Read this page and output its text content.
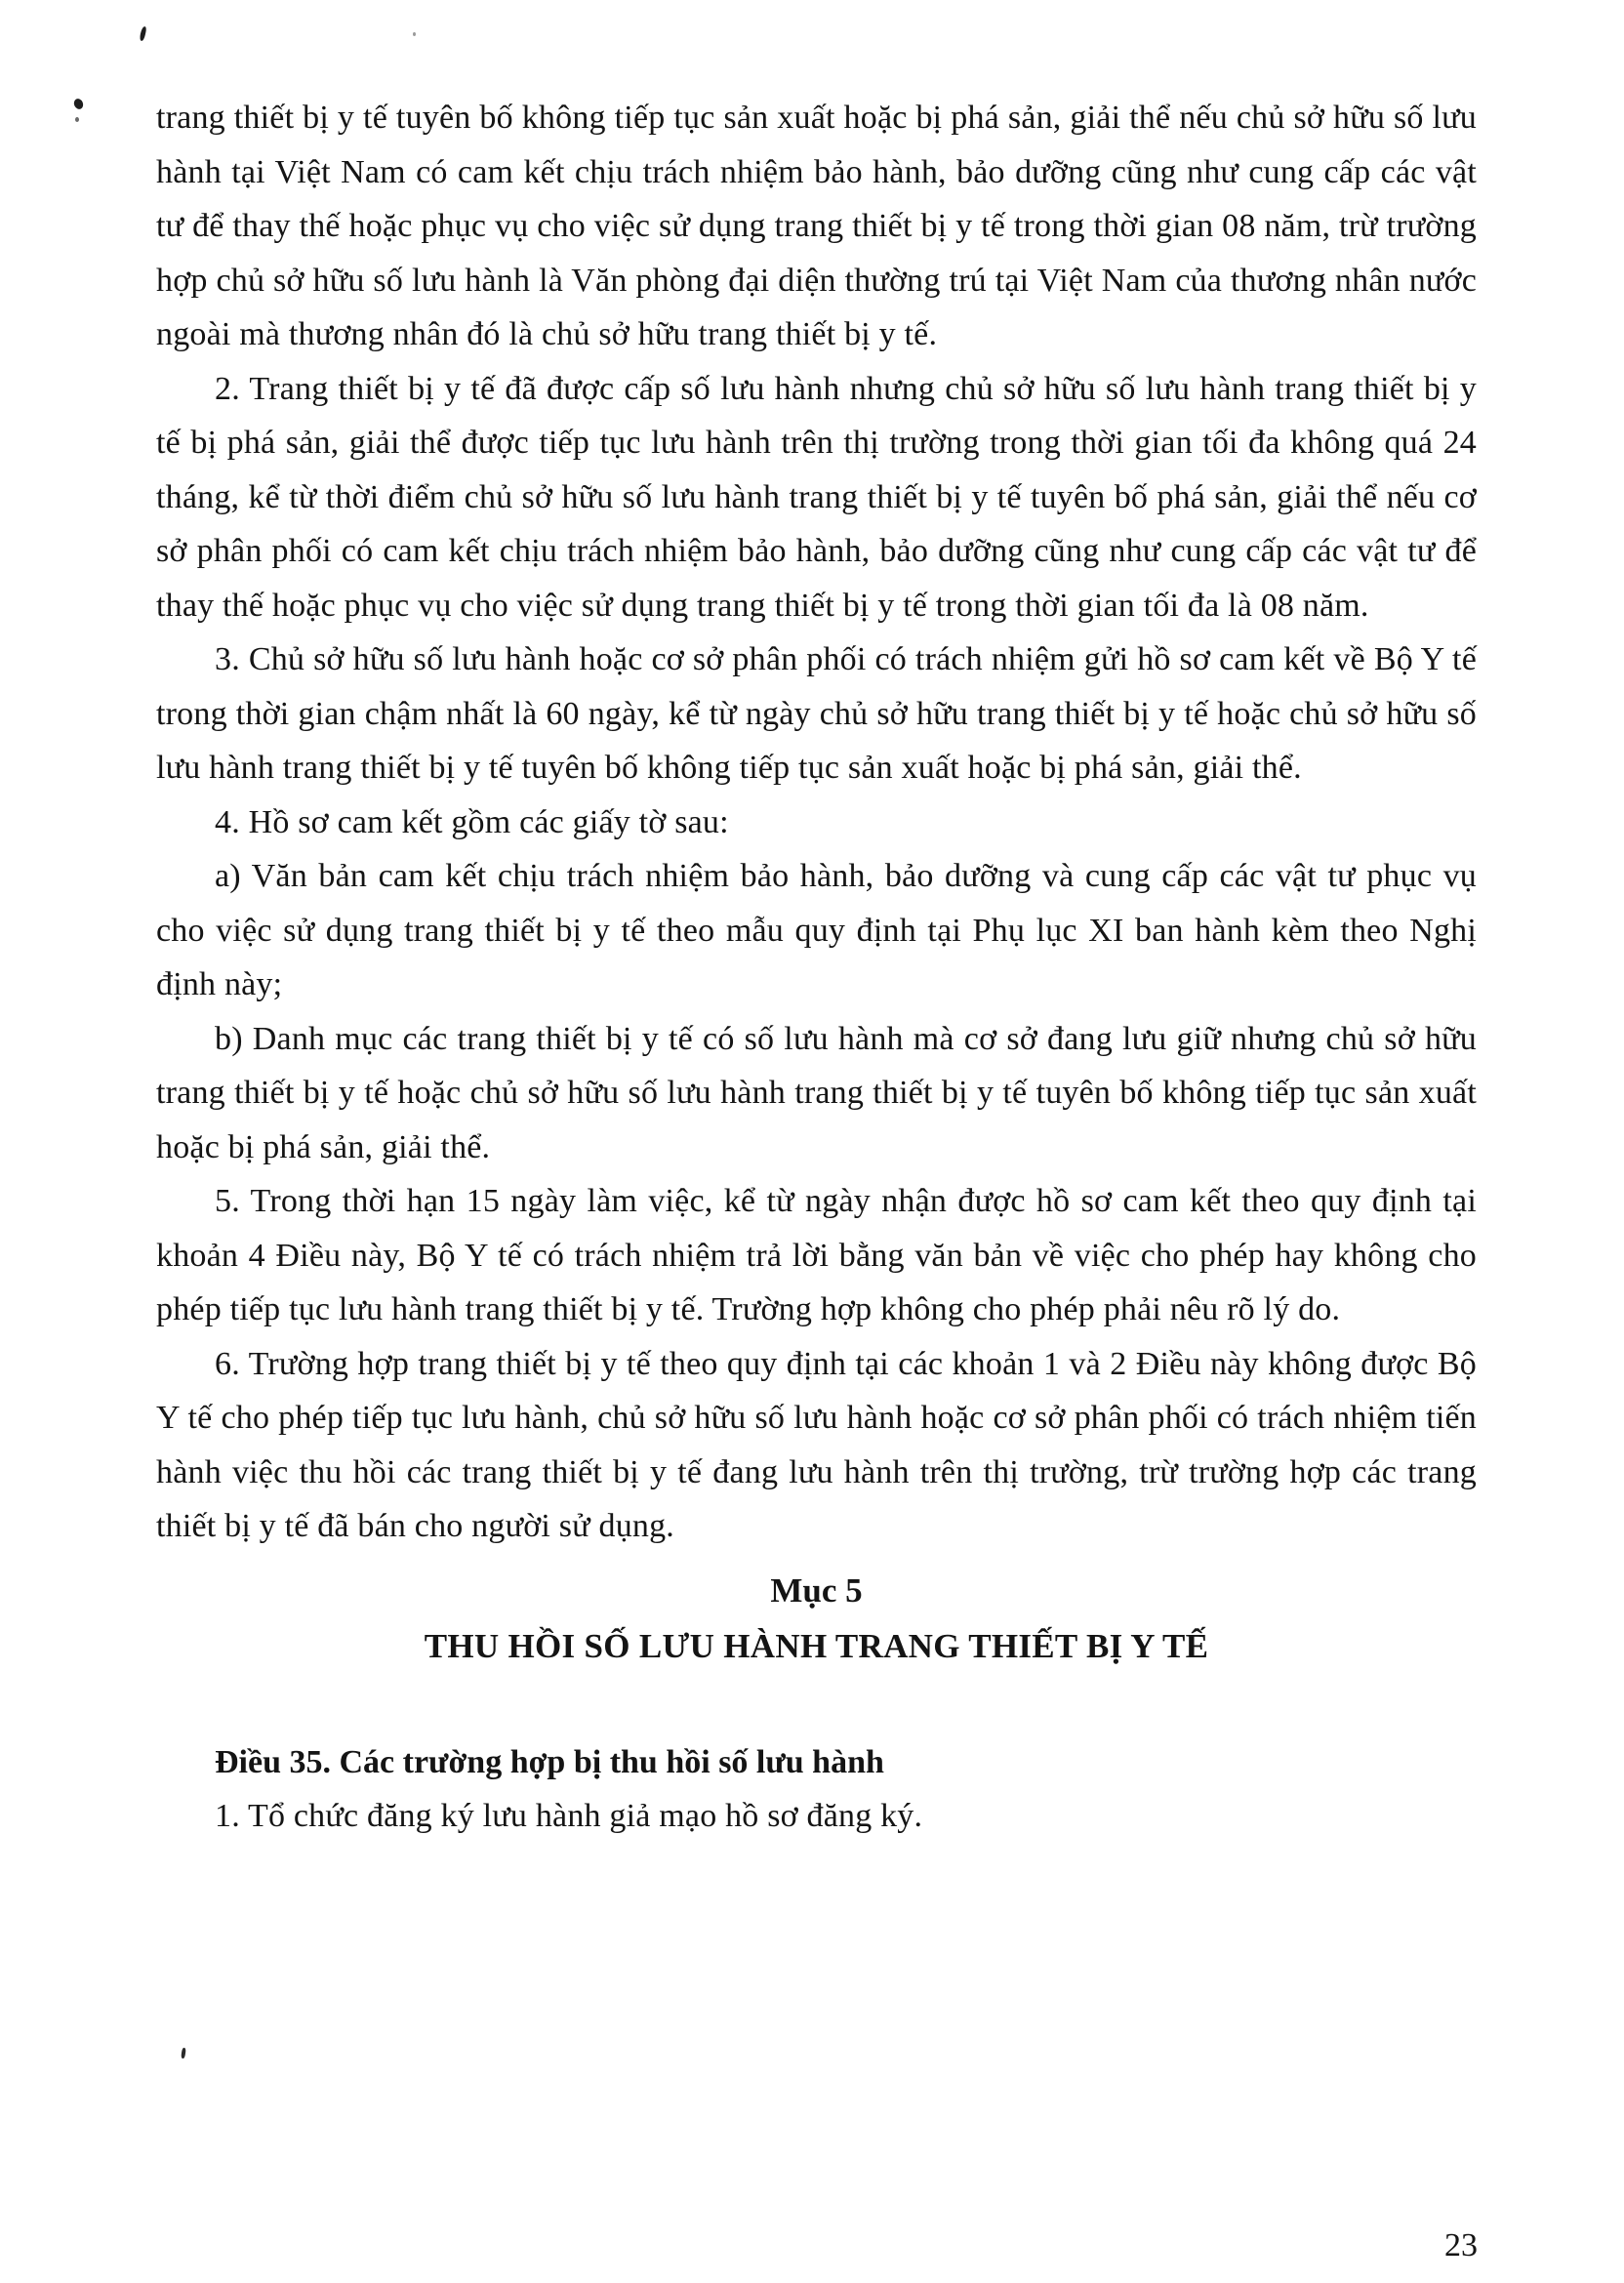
trang thiết bị y tế tuyên bố không tiếp tục sản xuất hoặc bị phá sản, giải thể nếu chủ sở hữu số lưu hành tại Việt Nam có cam kết chịu trách nhiệm bảo hành, bảo dưỡng cũng như cung cấp các vật tư để thay thế hoặc phục vụ cho việc sử dụng trang thiết bị y tế trong thời gian 08 năm, trừ trường hợp chủ sở hữu số lưu hành là Văn phòng đại diện thường trú tại Việt Nam của thương nhân nước ngoài mà thương nhân đó là chủ sở hữu trang thiết bị y tế.

2. Trang thiết bị y tế đã được cấp số lưu hành nhưng chủ sở hữu số lưu hành trang thiết bị y tế bị phá sản, giải thể được tiếp tục lưu hành trên thị trường trong thời gian tối đa không quá 24 tháng, kể từ thời điểm chủ sở hữu số lưu hành trang thiết bị y tế tuyên bố phá sản, giải thể nếu cơ sở phân phối có cam kết chịu trách nhiệm bảo hành, bảo dưỡng cũng như cung cấp các vật tư để thay thế hoặc phục vụ cho việc sử dụng trang thiết bị y tế trong thời gian tối đa là 08 năm.

3. Chủ sở hữu số lưu hành hoặc cơ sở phân phối có trách nhiệm gửi hồ sơ cam kết về Bộ Y tế trong thời gian chậm nhất là 60 ngày, kể từ ngày chủ sở hữu trang thiết bị y tế hoặc chủ sở hữu số lưu hành trang thiết bị y tế tuyên bố không tiếp tục sản xuất hoặc bị phá sản, giải thể.

4. Hồ sơ cam kết gồm các giấy tờ sau:

a) Văn bản cam kết chịu trách nhiệm bảo hành, bảo dưỡng và cung cấp các vật tư phục vụ cho việc sử dụng trang thiết bị y tế theo mẫu quy định tại Phụ lục XI ban hành kèm theo Nghị định này;

b) Danh mục các trang thiết bị y tế có số lưu hành mà cơ sở đang lưu giữ nhưng chủ sở hữu trang thiết bị y tế hoặc chủ sở hữu số lưu hành trang thiết bị y tế tuyên bố không tiếp tục sản xuất hoặc bị phá sản, giải thể.

5. Trong thời hạn 15 ngày làm việc, kể từ ngày nhận được hồ sơ cam kết theo quy định tại khoản 4 Điều này, Bộ Y tế có trách nhiệm trả lời bằng văn bản về việc cho phép hay không cho phép tiếp tục lưu hành trang thiết bị y tế. Trường hợp không cho phép phải nêu rõ lý do.

6. Trường hợp trang thiết bị y tế theo quy định tại các khoản 1 và 2 Điều này không được Bộ Y tế cho phép tiếp tục lưu hành, chủ sở hữu số lưu hành hoặc cơ sở phân phối có trách nhiệm tiến hành việc thu hồi các trang thiết bị y tế đang lưu hành trên thị trường, trừ trường hợp các trang thiết bị y tế đã bán cho người sử dụng.

Mục 5
THU HỒI SỐ LƯU HÀNH TRANG THIẾT BỊ Y TẾ
Điều 35. Các trường hợp bị thu hồi số lưu hành

1. Tổ chức đăng ký lưu hành giả mạo hồ sơ đăng ký.

23
